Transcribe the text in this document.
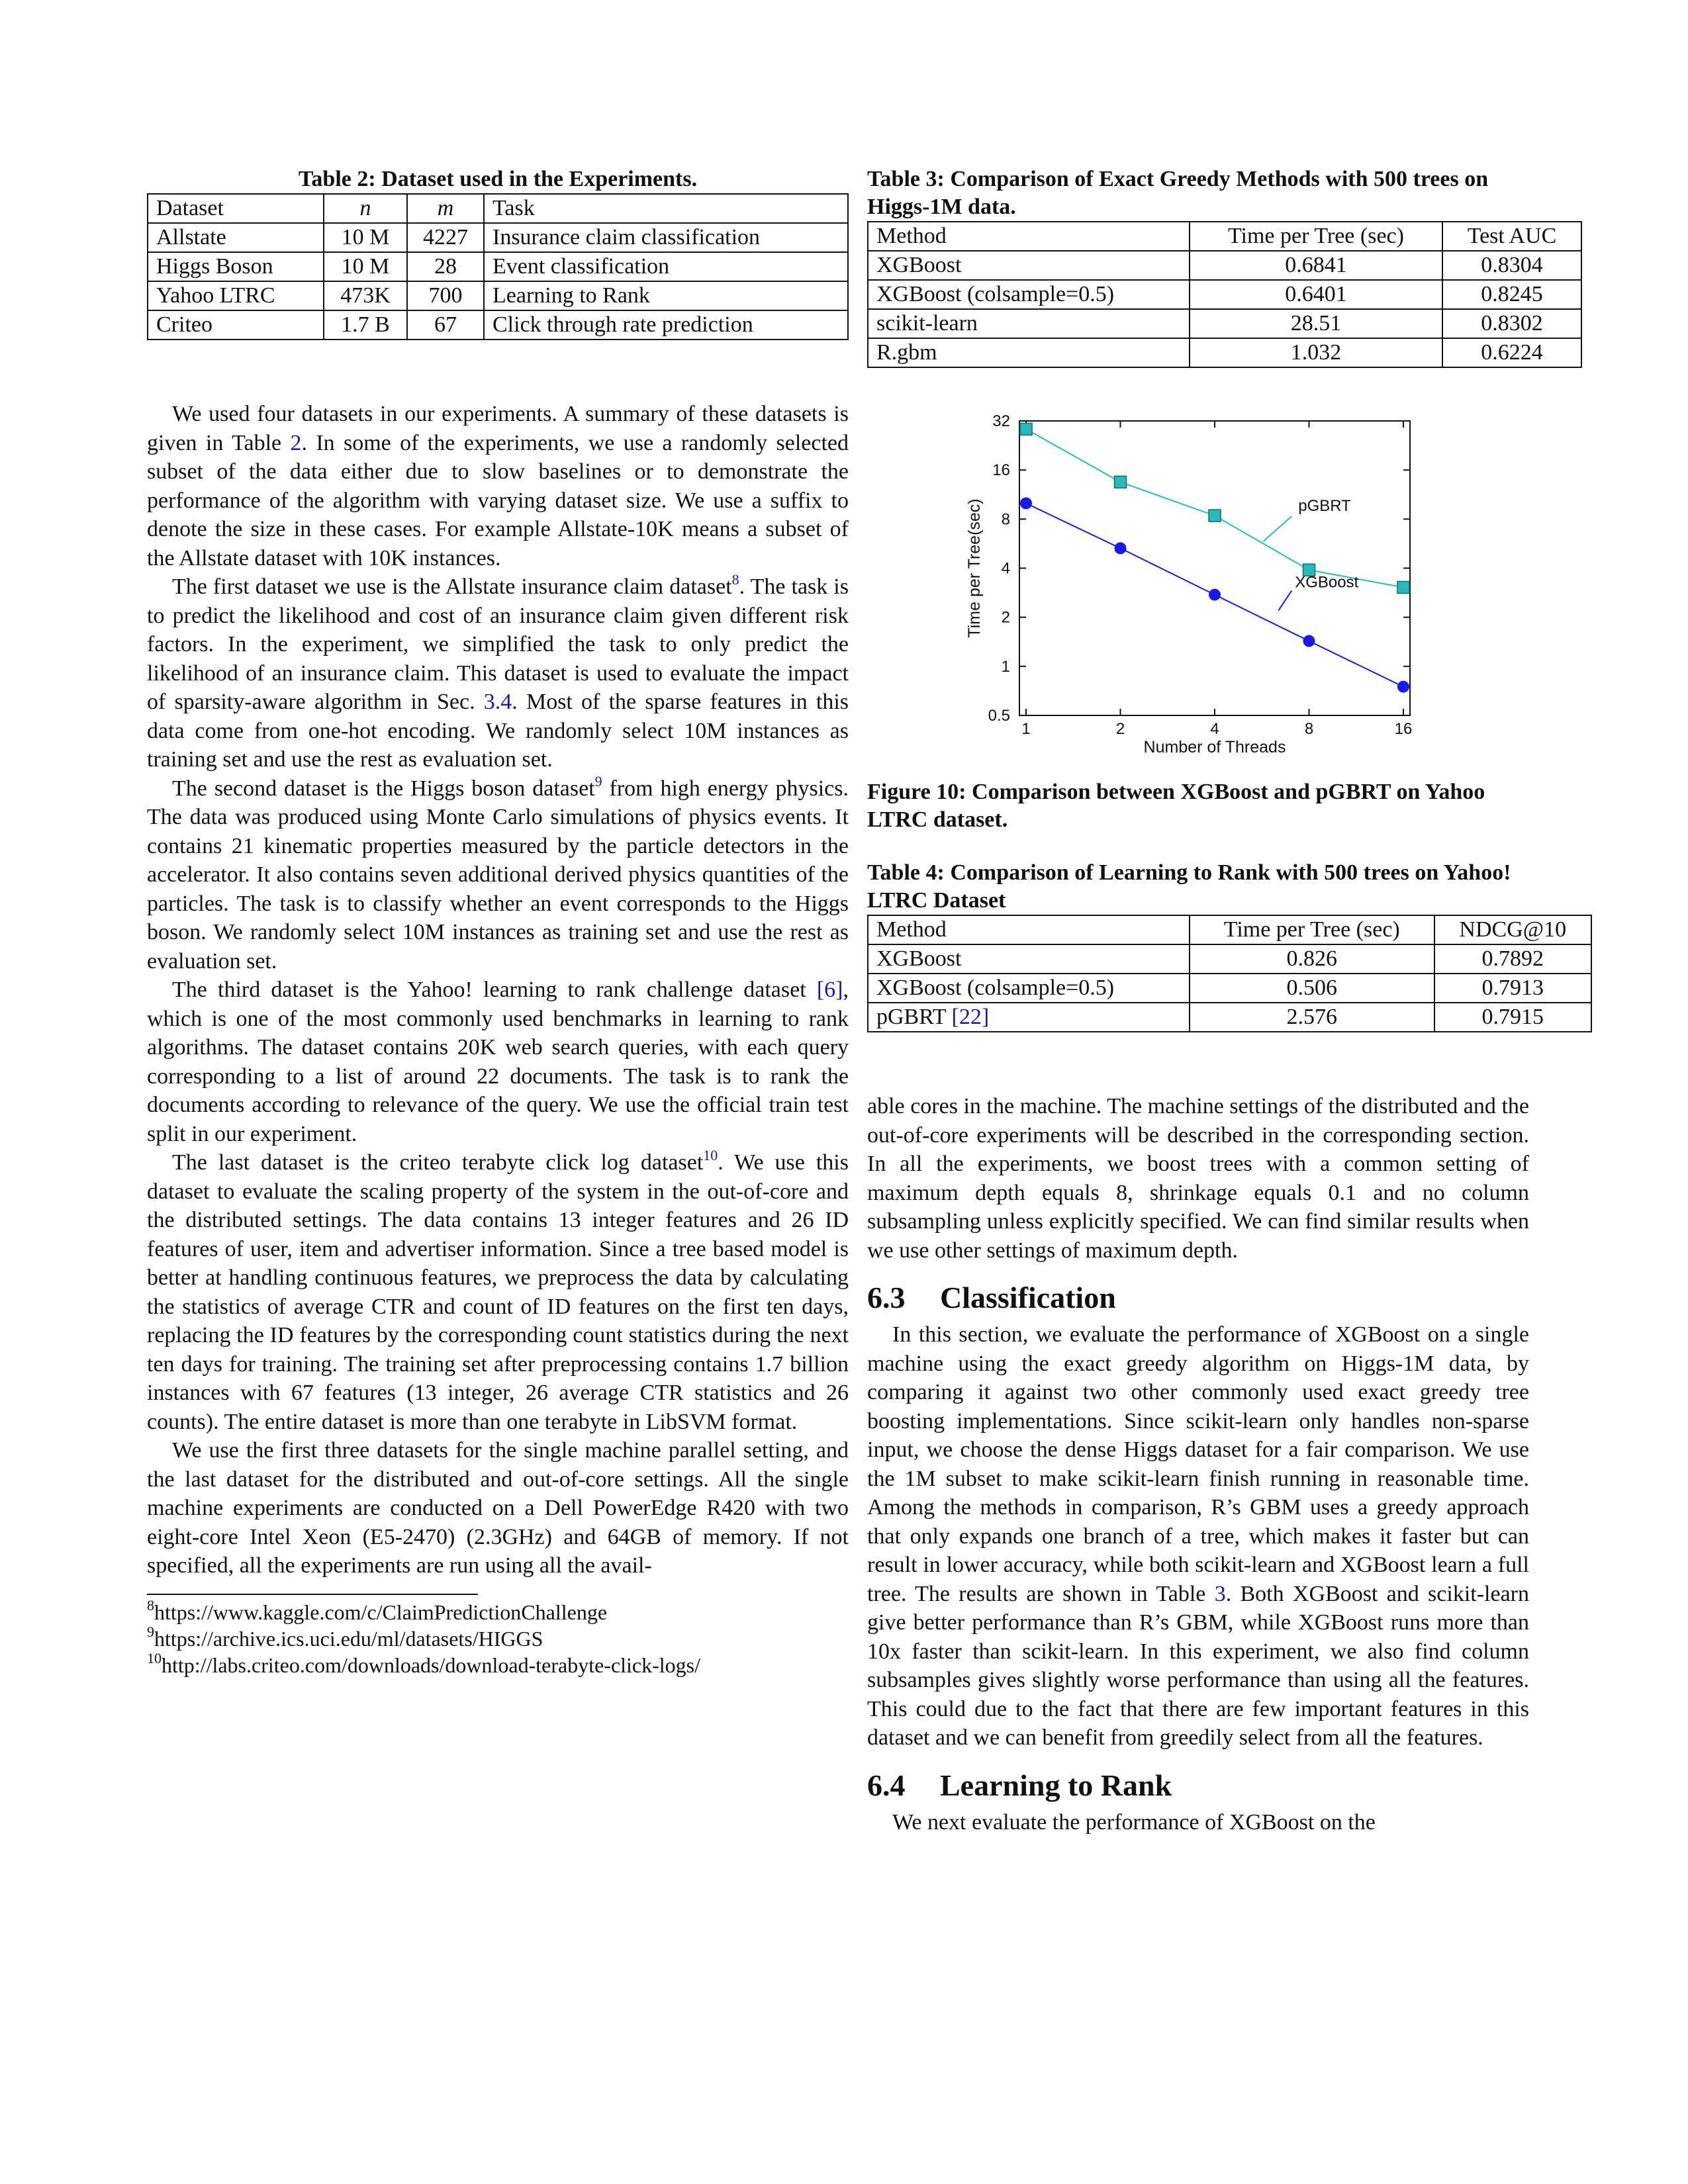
Table 2: Dataset used in the Experiments.
Dataset	n	m	Task
Allstate	10 M	4227	Insurance claim classification
Higgs Boson	10 M	28	Event classification
Yahoo LTRC	473K	700	Learning to Rank
Criteo	1.7 B	67	Click through rate prediction

We used four datasets in our experiments. A summary of these datasets is given in Table 2. In some of the experiments, we use a randomly selected subset of the data either due to slow baselines or to demonstrate the performance of the algorithm with varying dataset size. We use a suffix to denote the size in these cases. For example Allstate-10K means a subset of the Allstate dataset with 10K instances.

The first dataset we use is the Allstate insurance claim dataset$^8$. The task is to predict the likelihood and cost of an insurance claim given different risk factors. In the experiment, we simplified the task to only predict the likelihood of an insurance claim. This dataset is used to evaluate the impact of sparsity-aware algorithm in Sec. 3.4. Most of the sparse features in this data come from one-hot encoding. We randomly select 10M instances as training set and use the rest as evaluation set.

The second dataset is the Higgs boson dataset$^9$ from high energy physics. The data was produced using Monte Carlo simulations of physics events. It contains 21 kinematic properties measured by the particle detectors in the accelerator. It also contains seven additional derived physics quantities of the particles. The task is to classify whether an event corresponds to the Higgs boson. We randomly select 10M instances as training set and use the rest as evaluation set.

The third dataset is the Yahoo! learning to rank challenge dataset [6], which is one of the most commonly used benchmarks in learning to rank algorithms. The dataset contains 20K web search queries, with each query corresponding to a list of around 22 documents. The task is to rank the documents according to relevance of the query. We use the official train test split in our experiment.

The last dataset is the criteo terabyte click log dataset$^{10}$. We use this dataset to evaluate the scaling property of the system in the out-of-core and the distributed settings. The data contains 13 integer features and 26 ID features of user, item and advertiser information. Since a tree based model is better at handling continuous features, we preprocess the data by calculating the statistics of average CTR and count of ID features on the first ten days, replacing the ID features by the corresponding count statistics during the next ten days for training. The training set after preprocessing contains 1.7 billion instances with 67 features (13 integer, 26 average CTR statistics and 26 counts). The entire dataset is more than one terabyte in LibSVM format.

We use the first three datasets for the single machine parallel setting, and the last dataset for the distributed and out-of-core settings. All the single machine experiments are conducted on a Dell PowerEdge R420 with two eight-core Intel Xeon (E5-2470) (2.3GHz) and 64GB of memory. If not specified, all the experiments are run using all the avail-

$^8$https://www.kaggle.com/c/ClaimPredictionChallenge
$^9$https://archive.ics.uci.edu/ml/datasets/HIGGS
$^{10}$http://labs.criteo.com/downloads/download-terabyte-click-logs/
Table 3: Comparison of Exact Greedy Methods with 500 trees on Higgs-1M data.
Method	Time per Tree (sec)	Test AUC
XGBoost	0.6841	0.8304
XGBoost (colsample=0.5)	0.6401	0.8245
scikit-learn	28.51	0.8302
R.gbm	1.032	0.6224
0.5
1
2
4
8
16
32
1	2	4	8	16
Number of Threads
Time per Tree(sec)	pGBRT
XGBoost
Figure 10: Comparison between XGBoost and pGBRT on Yahoo LTRC dataset.
Table 4: Comparison of Learning to Rank with 500 trees on Yahoo! LTRC Dataset
Method	Time per Tree (sec)	NDCG@10
XGBoost	0.826	0.7892
XGBoost (colsample=0.5)	0.506	0.7913
pGBRT [22]	2.576	0.7915

able cores in the machine. The machine settings of the distributed and the out-of-core experiments will be described in the corresponding section. In all the experiments, we boost trees with a common setting of maximum depth equals 8, shrinkage equals 0.1 and no column subsampling unless explicitly specified. We can find similar results when we use other settings of maximum depth.

6.3 Classification

In this section, we evaluate the performance of XGBoost on a single machine using the exact greedy algorithm on Higgs-1M data, by comparing it against two other commonly used exact greedy tree boosting implementations. Since scikit-learn only handles non-sparse input, we choose the dense Higgs dataset for a fair comparison. We use the 1M subset to make scikit-learn finish running in reasonable time. Among the methods in comparison, R’s GBM uses a greedy approach that only expands one branch of a tree, which makes it faster but can result in lower accuracy, while both scikit-learn and XGBoost learn a full tree. The results are shown in Table 3. Both XGBoost and scikit-learn give better performance than R’s GBM, while XGBoost runs more than 10x faster than scikit-learn. In this experiment, we also find column subsamples gives slightly worse performance than using all the features. This could due to the fact that there are few important features in this dataset and we can benefit from greedily select from all the features.

6.4 Learning to Rank

We next evaluate the performance of XGBoost on the
